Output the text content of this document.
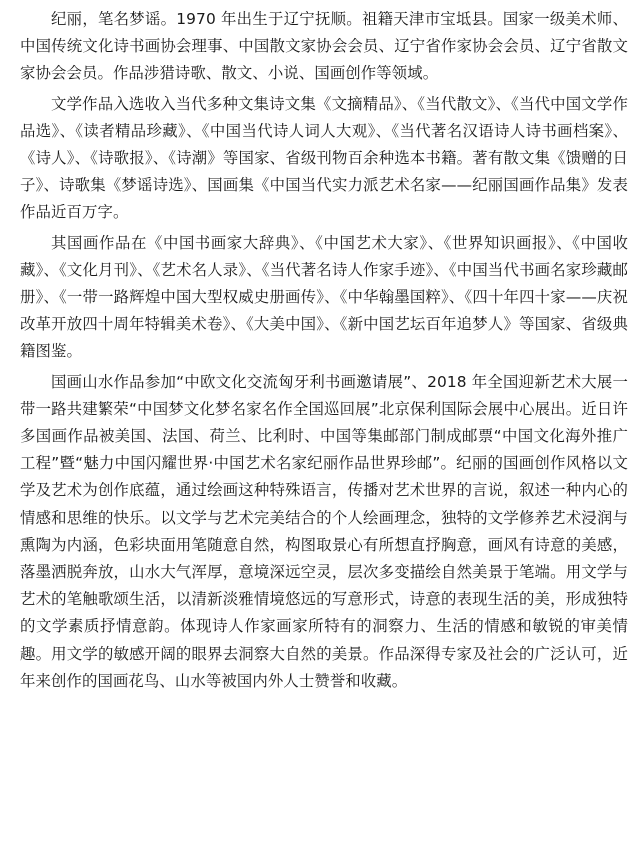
纪丽，笔名梦谣。1970 年出生于辽宁抚顺。祖籍天津市宝坻县。国家一级美术师、中国传统文化诗书画协会理事、中国散文家协会会员、辽宁省作家协会会员、辽宁省散文家协会会员。作品涉猎诗歌、散文、小说、国画创作等领域。

文学作品入选收入当代多种文集诗文集《文摘精品》、《当代散文》、《当代中国文学作品选》、《读者精品珍藏》、《中国当代诗人词人大观》、《当代著名汉语诗人诗书画档案》、《诗人》、《诗歌报》、《诗潮》等国家、省级刊物百余种选本书籍。著有散文集《馈赠的日子》、诗歌集《梦谣诗选》、国画集《中国当代实力派艺术名家——纪丽国画作品集》发表作品近百万字。

其国画作品在《中国书画家大辞典》、《中国艺术大家》、《世界知识画报》、《中国收藏》、《文化月刊》、《艺术名人录》、《当代著名诗人作家手迹》、《中国当代书画名家珍藏邮册》、《一带一路辉煌中国大型权威史册画传》、《中华翰墨国粹》、《四十年四十家——庆祝改革开放四十周年特辑美术卷》、《大美中国》、《新中国艺坛百年追梦人》等国家、省级典籍图鉴。

国画山水作品参加“中欧文化交流匈牙利书画邀请展”、2018 年全国迎新艺术大展一带一路共建繁荣“中国梦文化梦名家名作全国巡回展”北京保利国际会展中心展出。近日许多国画作品被美国、法国、荷兰、比利时、中国等集邮部门制成邮票“中国文化海外推广工程”暨“魅力中国闪耀世界·中国艺术名家纪丽作品世界珍邮”。纪丽的国画创作风格以文学及艺术为创作底蕴，通过绘画这种特殊语言，传播对艺术世界的言说，叙述一种内心的情感和思维的快乐。以文学与艺术完美结合的个人绘画理念，独特的文学修养艺术浸润与熏陶为内涵，色彩块面用笔随意自然，构图取景心有所想直抒胸意，画风有诗意的美感，落墨洒脱奔放，山水大气浑厚，意境深远空灵，层次多变描绘自然美景于笔端。用文学与艺术的笔触歌颂生活，以清新淡雅情境悠远的写意形式，诗意的表现生活的美，形成独特的文学素质抒情意韵。体现诗人作家画家所特有的洞察力、生活的情感和敏锐的审美情趣。用文学的敏感开阔的眼界去洞察大自然的美景。作品深得专家及社会的广泛认可，近年来创作的国画花鸟、山水等被国内外人士赞誉和收藏。
